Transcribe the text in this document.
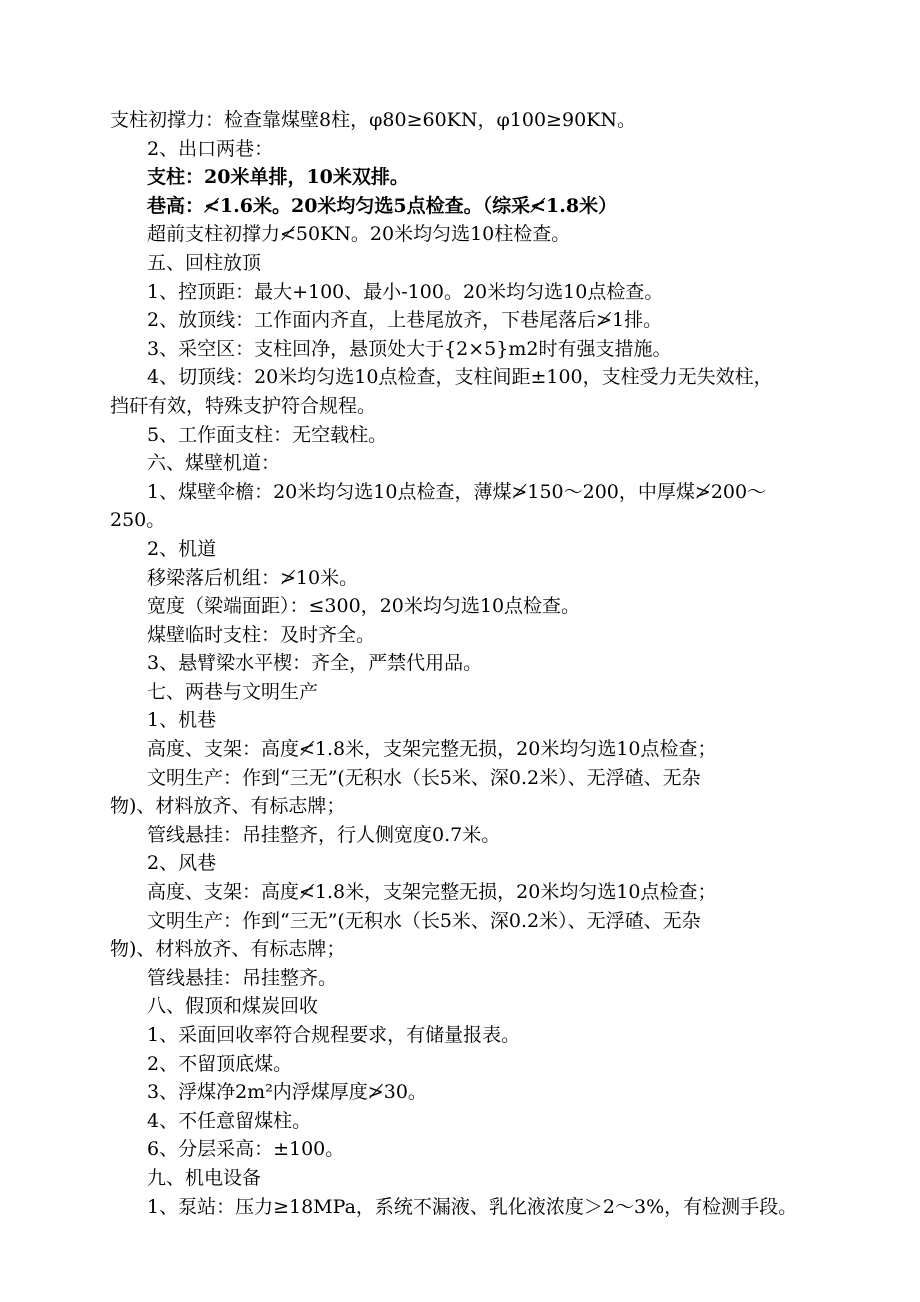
支柱初撑力：检查靠煤壁8柱，φ80≥60KN，φ100≥90KN。

2、出口两巷：

支柱：20米单排，10米双排。

巷高：≮1.6米。20米均匀选5点检查。（综采≮1.8米）

超前支柱初撑力≮50KN。20米均匀选10柱检查。

五、回柱放顶

1、控顶距：最大+100、最小-100。20米均匀选10点检查。

2、放顶线：工作面内齐直，上巷尾放齐，下巷尾落后≯1排。

3、采空区：支柱回净，悬顶处大于{2×5}m2时有强支措施。

4、切顶线：20米均匀选10点检查，支柱间距±100，支柱受力无失效柱，

挡矸有效，特殊支护符合规程。

5、工作面支柱：无空载柱。

六、煤壁机道：

1、煤壁伞檐：20米均匀选10点检查，薄煤≯150～200，中厚煤≯200～

250。

2、机道

移梁落后机组：≯10米。

宽度（梁端面距）：≤300，20米均匀选10点检查。

煤壁临时支柱：及时齐全。

3、悬臂梁水平楔：齐全，严禁代用品。

七、两巷与文明生产

1、机巷

高度、支架：高度≮1.8米，支架完整无损，20米均匀选10点检查；

文明生产：作到“三无”(无积水（长5米、深0.2米）、无浮碴、无杂

物)、材料放齐、有标志牌；

管线悬挂：吊挂整齐，行人侧宽度0.7米。

2、风巷

高度、支架：高度≮1.8米，支架完整无损，20米均匀选10点检查；

文明生产：作到“三无”(无积水（长5米、深0.2米）、无浮碴、无杂

物)、材料放齐、有标志牌；

管线悬挂：吊挂整齐。

八、假顶和煤炭回收

1、采面回收率符合规程要求，有储量报表。

2、不留顶底煤。

3、浮煤净2m²内浮煤厚度≯30。

4、不任意留煤柱。

6、分层采高：±100。

九、机电设备

1、泵站：压力≥18MPa，系统不漏液、乳化液浓度＞2～3%，有检测手段。
